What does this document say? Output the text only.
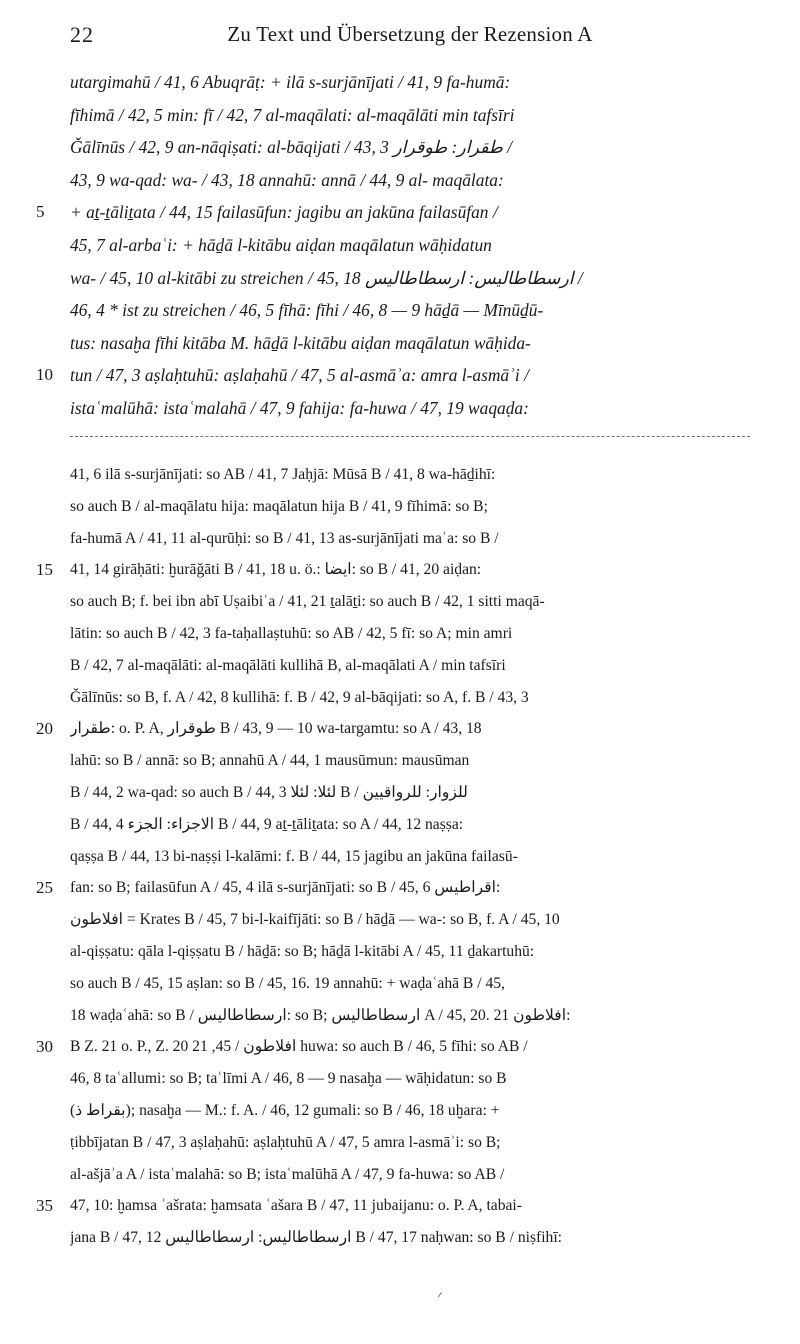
22	Zu Text und Übersetzung der Rezension A
utargimahū / 41, 6 Abuqrāṭ: + ilā s-surjānījati / 41, 9 fa-humā:
fīhimā / 42, 5 min: fī / 42, 7 al-maqālati: al-maqālāti min tafsīri
Ǧālīnūs / 42, 9 an-nāqiṣati: al-bāqijati / 43, 3 طقرار: طوقرار /
43, 9 wa-qad: wa- / 43, 18 annahū: annā / 44, 9 al- maqālata:
5	+ aṯ-ṯāliṯata / 44, 15 failasūfun: jagibu an jakūna failasūfan /
45, 7 al-arbaʿi: + hāḏā l-kitābu aiḍan maqālatun wāḥidatun
wa- / 45, 10 al-kitābi zu streichen / 45, 18 ارسطاطاليس: ارسطاطاليس /
46, 4 * ist zu streichen / 46, 5 fīhā: fīhi / 46, 8 — 9 hāḏā — Mīnūḏū-
tus: nasaḫa fīhi kitāba M. hāḏā l-kitābu aiḍan maqālatun wāḥida-
10 tun / 47, 3 aṣlaḥtuhū: aṣlaḥahū / 47, 5 al-asmāʾa: amra l-asmāʾi /
istaʿmalūhā: istaʿmalahā / 47, 9 fahija: fa-huwa / 47, 19 waqaḍa:
41, 6 ilā s-surjānījati: so AB / 41, 7 Jaḥjā: Mūsā B / 41, 8 wa-hāḏihī:
so auch B / al-maqālatu hija: maqālatun hija B / 41, 9 fīhimā: so B;
fa-humā A / 41, 11 al-qurūḥi: so B / 41, 13 as-surjānījati maʿa: so B /
15	41, 14 girāḥāti: ḫurāǧāti B / 41, 18 u. ö.: ايضا: so B / 41, 20 aiḍan:
so auch B; f. bei ibn abī Uṣaibiʿa / 41, 21 ṯalāṯi: so auch B / 42, 1 sitti maqā-
lātin: so auch B / 42, 3 fa-taḥallaṣtuhū: so AB / 42, 5 fī: so A; min amri
B / 42, 7 al-maqālāti: al-maqālāti kullihā B, al-maqālati A / min tafsīri
Ǧālīnūs: so B, f. A / 42, 8 kullihā: f. B / 42, 9 al-bāqijati: so A, f. B / 43, 3
20	طقرار: o. P. A, طوقرار B / 43, 9 — 10 wa-targamtu: so A / 43, 18
lahū: so B / annā: so B; annahū A / 44, 1 mausūmun: mausūman
B / 44, 2 wa-qad: so auch B / 44, 3 لئلا: لئلا B / للزوار: للرواقيين
B / 44, 4 الاجزاء: الجزء B / 44, 9 aṯ-ṯāliṯata: so A / 44, 12 naṣṣa:
qaṣṣa B / 44, 13 bi-naṣṣi l-kalāmi: f. B / 44, 15 jagibu an jakūna failasū-
25	fan: so B; failasūfun A / 45, 4 ilā s-surjānījati: so B / 45, 6 اقراطيس:
افلاطون = Krates B / 45, 7 bi-l-kaifījāti: so B / hāḏā — wa-: so B, f. A / 45, 10
al-qiṣṣatu: qāla l-qiṣṣatu B / hāḏā: so B; hāḏā l-kitābi A / 45, 11 ḏakartuhū:
so auch B / 45, 15 aṣlan: so B / 45, 16. 19 annahū: + waḍaʿahā B / 45,
18 waḍaʿahā: so B / ارسطاطاليس: so B; ارسطاطاليس A / 45, 20. 21 افلاطون:
30	B Z. 21 o. P., Z. 20 افلاطون / 45, 21 huwa: so auch B / 46, 5 fīhi: so AB /
46, 8 taʿallumi: so B; taʿlīmi A / 46, 8 — 9 nasaḫa — wāḥidatun: so B
(بقراط ذ); nasaḫa — M.: f. A. / 46, 12 gumali: so B / 46, 18 uḫara: +
ṭibbījatan B / 47, 3 aṣlaḥahū: aṣlaḥtuhū A / 47, 5 amra l-asmāʾi: so B;
al-ašjāʾa A / istaʿmalahā: so B; istaʿmalūhā A / 47, 9 fa-huwa: so AB /
35	47, 10: ḫamsa ʿašrata: ḫamsata ʿašara B / 47, 11 jubaijanu: o. P. A, tabai-
jana B / 47, 12 ارسطاطاليس: ارسطاطاليس B / 47, 17 naḥwan: so B / niṣfihī:
